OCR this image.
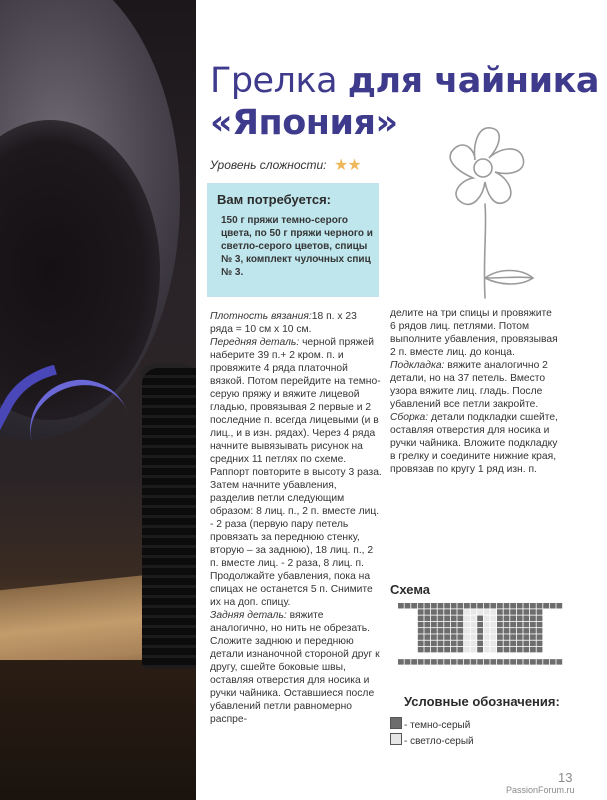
Грелка для чайника
«Япония»
Уровень сложности: ★★
Вам потребуется:
150 г пряжи темно-серого цвета, по 50 г пряжи черного и светло-серого цветов, спицы № 3, комплект чулочных спиц № 3.

Плотность вязания:18 п. х 23 ряда = 10 см х 10 см.

Передняя деталь: черной пряжей наберите 39 п.+ 2 кром. п. и провяжите 4 ряда платочной вязкой. Потом перейдите на темно-серую пряжу и вяжите лицевой гладью, провязывая 2 первые и 2 последние п. всегда лицевыми (и в лиц., и в изн. рядах). Через 4 ряда начните вывязывать рисунок на средних 11 петлях по схеме. Раппорт повторите в высоту 3 раза. Затем начните убавления, разделив петли следующим образом: 8 лиц. п., 2 п. вместе лиц. - 2 раза (первую пару петель провязать за переднюю стенку, вторую – за заднюю), 18 лиц. п., 2 п. вместе лиц. - 2 раза, 8 лиц. п. Продолжайте убавления, пока на спицах не останется 5 п. Снимите их на доп. спицу.

Задняя деталь: вяжите аналогично, но нить не обрезать. Сложите заднюю и переднюю детали изнаночной стороной друг к другу, сшейте боковые швы, оставляя отверстия для носика и ручки чайника. Оставшиеся после убавлений петли равномерно распре-

делите на три спицы и провяжите 6 рядов лиц. петлями. Потом выполните убавления, провязывая 2 п. вместе лиц. до конца.

Подкладка: вяжите аналогично 2 детали, но на 37 петель. Вместо узора вяжите лиц. гладь. После убавлений все петли закройте.

Сборка: детали подкладки сшейте, оставляя отверстия для носика и ручки чайника. Вложите подкладку в грелку и соедините нижние края, провязав по кругу 1 ряд изн. п.

Схема
Условные обозначения:
- темно-серый
- светло-серый
13
PassionForum.ru
